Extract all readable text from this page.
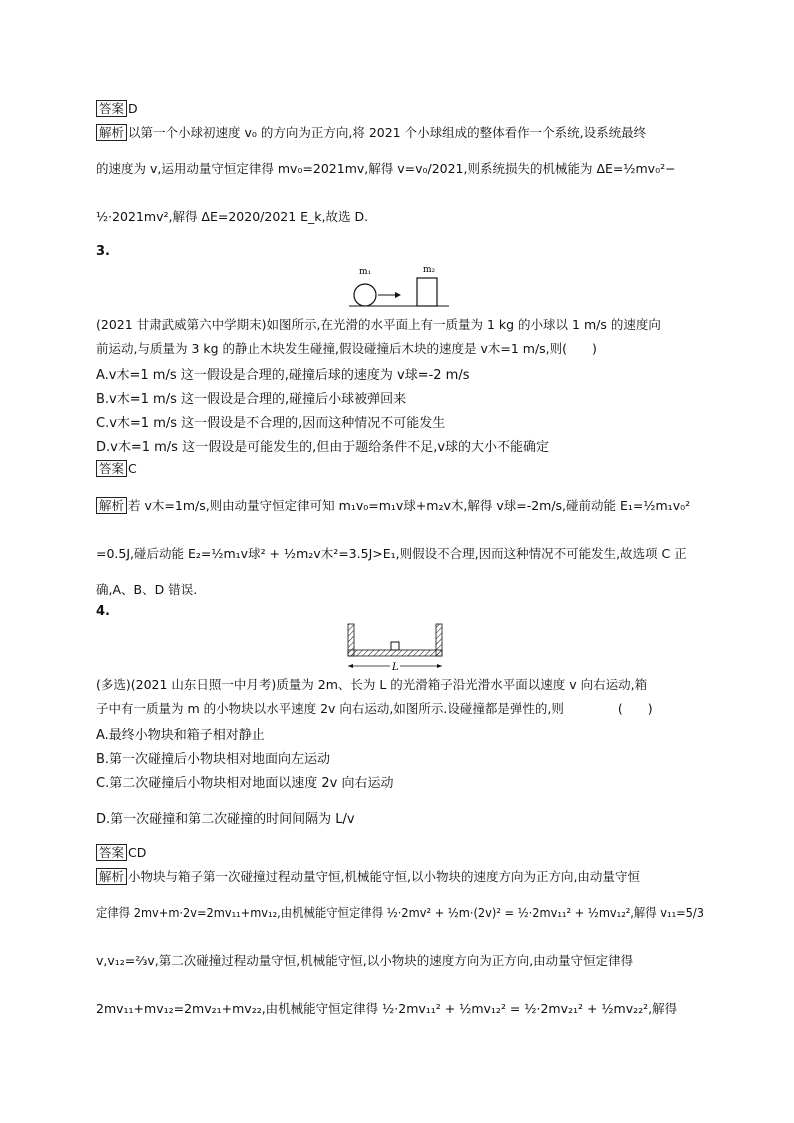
答案 D
解析 以第一个小球初速度 v₀ 的方向为正方向,将 2021 个小球组成的整体看作一个系统,设系统最终
的速度为 v,运用动量守恒定律得 mv₀=2021mv,解得 v=v₀/2021,则系统损失的机械能为 ΔE=½mv₀²−
½·2021mv²,解得 ΔE=2020/2021 E_k,故选 D.
3.
m₁	m₂
(2021 甘肃武威第六中学期末)如图所示,在光滑的水平面上有一质量为 1 kg 的小球以 1 m/s 的速度向
前运动,与质量为 3 kg 的静止木块发生碰撞,假设碰撞后木块的速度是 v木=1 m/s,则(　　)
A.v木=1 m/s 这一假设是合理的,碰撞后球的速度为 v球=-2 m/s
B.v木=1 m/s 这一假设是合理的,碰撞后小球被弹回来
C.v木=1 m/s 这一假设是不合理的,因而这种情况不可能发生
D.v木=1 m/s 这一假设是可能发生的,但由于题给条件不足,v球的大小不能确定
答案 C
解析 若 v木=1m/s,则由动量守恒定律可知 m₁v₀=m₁v球+m₂v木,解得 v球=-2m/s,碰前动能 E₁=½m₁v₀²
=0.5J,碰后动能 E₂=½m₁v球² + ½m₂v木²=3.5J>E₁,则假设不合理,因而这种情况不可能发生,故选项 C 正
确,A、B、D 错误.
4.
L
(多选)(2021 山东日照一中月考)质量为 2m、长为 L 的光滑箱子沿光滑水平面以速度 v 向右运动,箱
子中有一质量为 m 的小物块以水平速度 2v 向右运动,如图所示.设碰撞都是弹性的,则	(　　)
A.最终小物块和箱子相对静止
B.第一次碰撞后小物块相对地面向左运动
C.第二次碰撞后小物块相对地面以速度 2v 向右运动
D.第一次碰撞和第二次碰撞的时间间隔为 L/v
答案 CD
解析 小物块与箱子第一次碰撞过程动量守恒,机械能守恒,以小物块的速度方向为正方向,由动量守恒
定律得 2mv+m·2v=2mv₁₁+mv₁₂,由机械能守恒定律得 ½·2mv² + ½m·(2v)² = ½·2mv₁₁² + ½mv₁₂²,解得 v₁₁=5/3
v,v₁₂=⅔v,第二次碰撞过程动量守恒,机械能守恒,以小物块的速度方向为正方向,由动量守恒定律得
2mv₁₁+mv₁₂=2mv₂₁+mv₂₂,由机械能守恒定律得 ½·2mv₁₁² + ½mv₁₂² = ½·2mv₂₁² + ½mv₂₂²,解得
